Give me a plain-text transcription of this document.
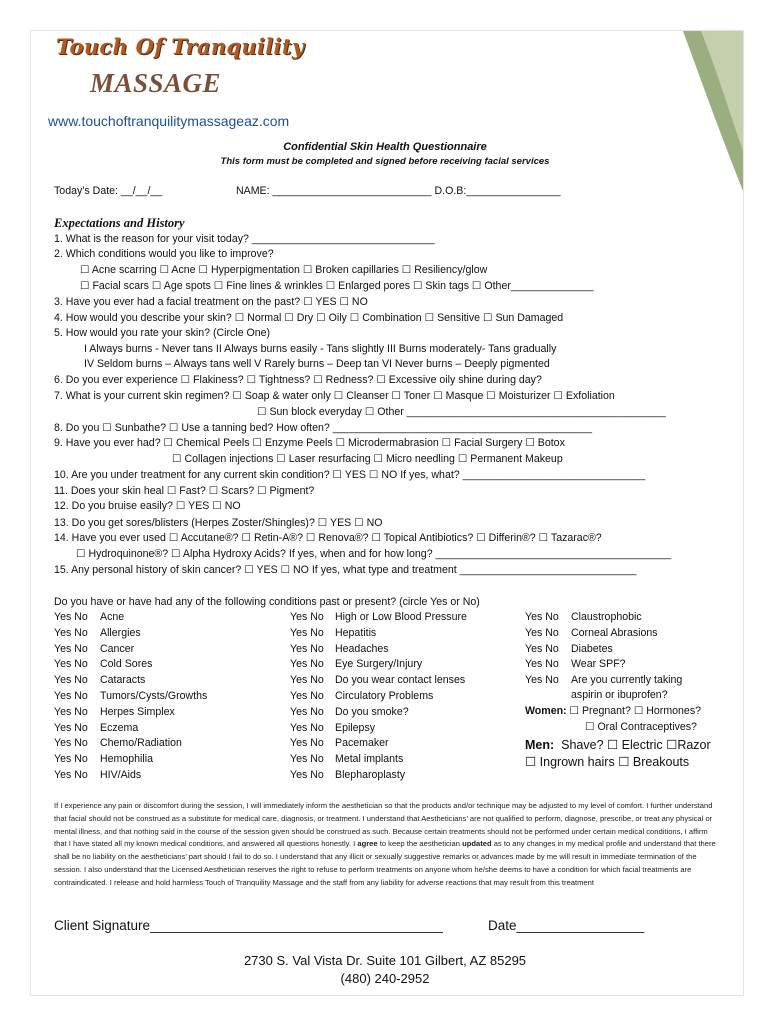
Touch Of Tranquility
MASSAGE
www.touchoftranquilitymassageaz.com
Confidential Skin Health Questionnaire
This form must be completed and signed before receiving facial services
Today’s Date: __/__/__	NAME: ___________________________ D.O.B:________________
Expectations and History
1. What is the reason for your visit today? _______________________________
2. Which conditions would you like to improve?
☐ Acne scarring ☐ Acne ☐ Hyperpigmentation ☐ Broken capillaries ☐ Resiliency/glow
☐ Facial scars ☐ Age spots ☐ Fine lines & wrinkles ☐ Enlarged pores ☐ Skin tags ☐ Other______________
3. Have you ever had a facial treatment on the past? ☐ YES ☐ NO
4. How would you describe your skin? ☐ Normal ☐ Dry ☐ Oily ☐ Combination ☐ Sensitive ☐ Sun Damaged
5. How would you rate your skin? (Circle One)
I Always burns - Never tans II Always burns easily - Tans slightly III Burns moderately- Tans gradually
IV Seldom burns – Always tans well V Rarely burns – Deep tan VI Never burns – Deeply pigmented
6. Do you ever experience ☐ Flakiness? ☐ Tightness? ☐ Redness? ☐ Excessive oily shine during day?
7. What is your current skin regimen? ☐ Soap & water only ☐ Cleanser ☐ Toner ☐ Masque ☐ Moisturizer ☐ Exfoliation
☐ Sun block everyday ☐ Other ____________________________________________
8. Do you ☐ Sunbathe? ☐ Use a tanning bed? How often? ____________________________________________
9. Have you ever had? ☐ Chemical Peels ☐ Enzyme Peels ☐ Microdermabrasion ☐ Facial Surgery ☐ Botox
☐ Collagen injections ☐ Laser resurfacing ☐ Micro needling ☐ Permanent Makeup
10. Are you under treatment for any current skin condition? ☐ YES ☐ NO If yes, what? _______________________________
11. Does your skin heal ☐ Fast? ☐ Scars? ☐ Pigment?
12. Do you bruise easily? ☐ YES ☐ NO
13. Do you get sores/blisters (Herpes Zoster/Shingles)? ☐ YES ☐ NO
14. Have you ever used ☐ Accutane®? ☐ Retin-A®? ☐ Renova®? ☐ Topical Antibiotics? ☐ Differin®? ☐ Tazarac®?
☐ Hydroquinone®? ☐ Alpha Hydroxy Acids? If yes, when and for how long? ________________________________________
15. Any personal history of skin cancer? ☐ YES ☐ NO If yes, what type and treatment ______________________________
Do you have or have had any of the following conditions past or present? (circle Yes or No)
Yes No Acne
Yes No Allergies
Yes No Cancer
Yes No Cold Sores
Yes No Cataracts
Yes No Tumors/Cysts/Growths
Yes No Herpes Simplex
Yes No Eczema
Yes No Chemo/Radiation
Yes No Hemophilia
Yes No HIV/Aids
Yes No High or Low Blood Pressure
Yes No Hepatitis
Yes No Headaches
Yes No Eye Surgery/Injury
Yes No Do you wear contact lenses
Yes No Circulatory Problems
Yes No Do you smoke?
Yes No Epilepsy
Yes No Pacemaker
Yes No Metal implants
Yes No Blepharoplasty
Yes No Claustrophobic
Yes No Corneal Abrasions
Yes No Diabetes
Yes No Wear SPF?
Yes No Are you currently taking
aspirin or ibuprofen?
Women: ☐ Pregnant? ☐ Hormones?
☐ Oral Contraceptives?
Men: Shave? ☐ Electric ☐Razor
☐ Ingrown hairs ☐ Breakouts
If I experience any pain or discomfort during the session, I will immediately inform the aesthetician so that the products and/or technique may be adjusted to my level of comfort. I further understand that facial should not be construed as a substitute for medical care, diagnosis, or treatment. I understand that Aestheticians’ are not qualified to perform, diagnose, prescribe, or treat any physical or mental illness, and that nothing said in the course of the session given should be construed as such. Because certain treatments should not be performed under certain medical conditions, I affirm that I have stated all my known medical conditions, and answered all questions honestly. I agree to keep the aesthetician updated as to any changes in my medical profile and understand that there shall be no liability on the aestheticians’ part should I fail to do so. I understand that any illicit or sexually suggestive remarks or advances made by me will result in immediate termination of the session. I also understand that the Licensed Aesthetician reserves the right to refuse to perform treatments on anyone whom he/she deems to have a condition for which facial treatments are contraindicated. I release and hold harmless Touch of Tranquility Massage and the staff from any liability for adverse reactions that may result from this treatment
Client Signature_______________________________________	Date_________________
2730 S. Val Vista Dr. Suite 101 Gilbert, AZ 85295
(480) 240-2952
